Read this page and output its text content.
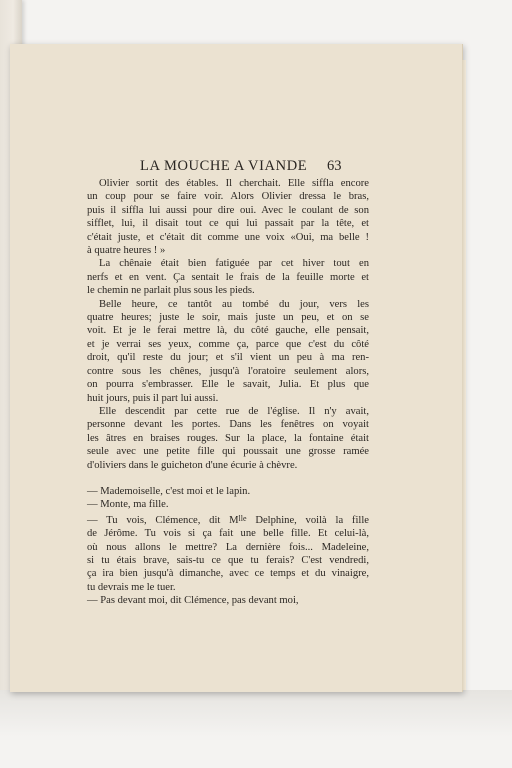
LA MOUCHE A VIANDE	63

Olivier sortit des étables. Il cherchait. Elle siffla encore
un coup pour se faire voir. Alors Olivier dressa le bras,
puis il siffla lui aussi pour dire oui. Avec le coulant de son
sifflet, lui, il disait tout ce qui lui passait par la tête, et
c'était juste, et c'était dit comme une voix «Oui, ma belle !
à quatre heures ! »

La chênaie était bien fatiguée par cet hiver tout en
nerfs et en vent. Ça sentait le frais de la feuille morte et
le chemin ne parlait plus sous les pieds.

Belle heure, ce tantôt au tombé du jour, vers les
quatre heures; juste le soir, mais juste un peu, et on se
voit. Et je le ferai mettre là, du côté gauche, elle pensait,
et je verrai ses yeux, comme ça, parce que c'est du côté
droit, qu'il reste du jour; et s'il vient un peu à ma ren-
contre sous les chênes, jusqu'à l'oratoire seulement alors,
on pourra s'embrasser. Elle le savait, Julia. Et plus que
huit jours, puis il part lui aussi.

Elle descendit par cette rue de l'église. Il n'y avait,
personne devant les portes. Dans les fenêtres on voyait
les âtres en braises rouges. Sur la place, la fontaine était
seule avec une petite fille qui poussait une grosse ramée
d'oliviers dans le guicheton d'une écurie à chèvre.

— Mademoiselle, c'est moi et le lapin.

— Monte, ma fille.

— Tu vois, Clémence, dit Mlle Delphine, voilà la fille
de Jérôme. Tu vois si ça fait une belle fille. Et celui-là,
où nous allons le mettre? La dernière fois... Madeleine,
si tu étais brave, sais-tu ce que tu ferais? C'est vendredi,
ça ira bien jusqu'à dimanche, avec ce temps et du vinaigre,
tu devrais me le tuer.

— Pas devant moi, dit Clémence, pas devant moi,
